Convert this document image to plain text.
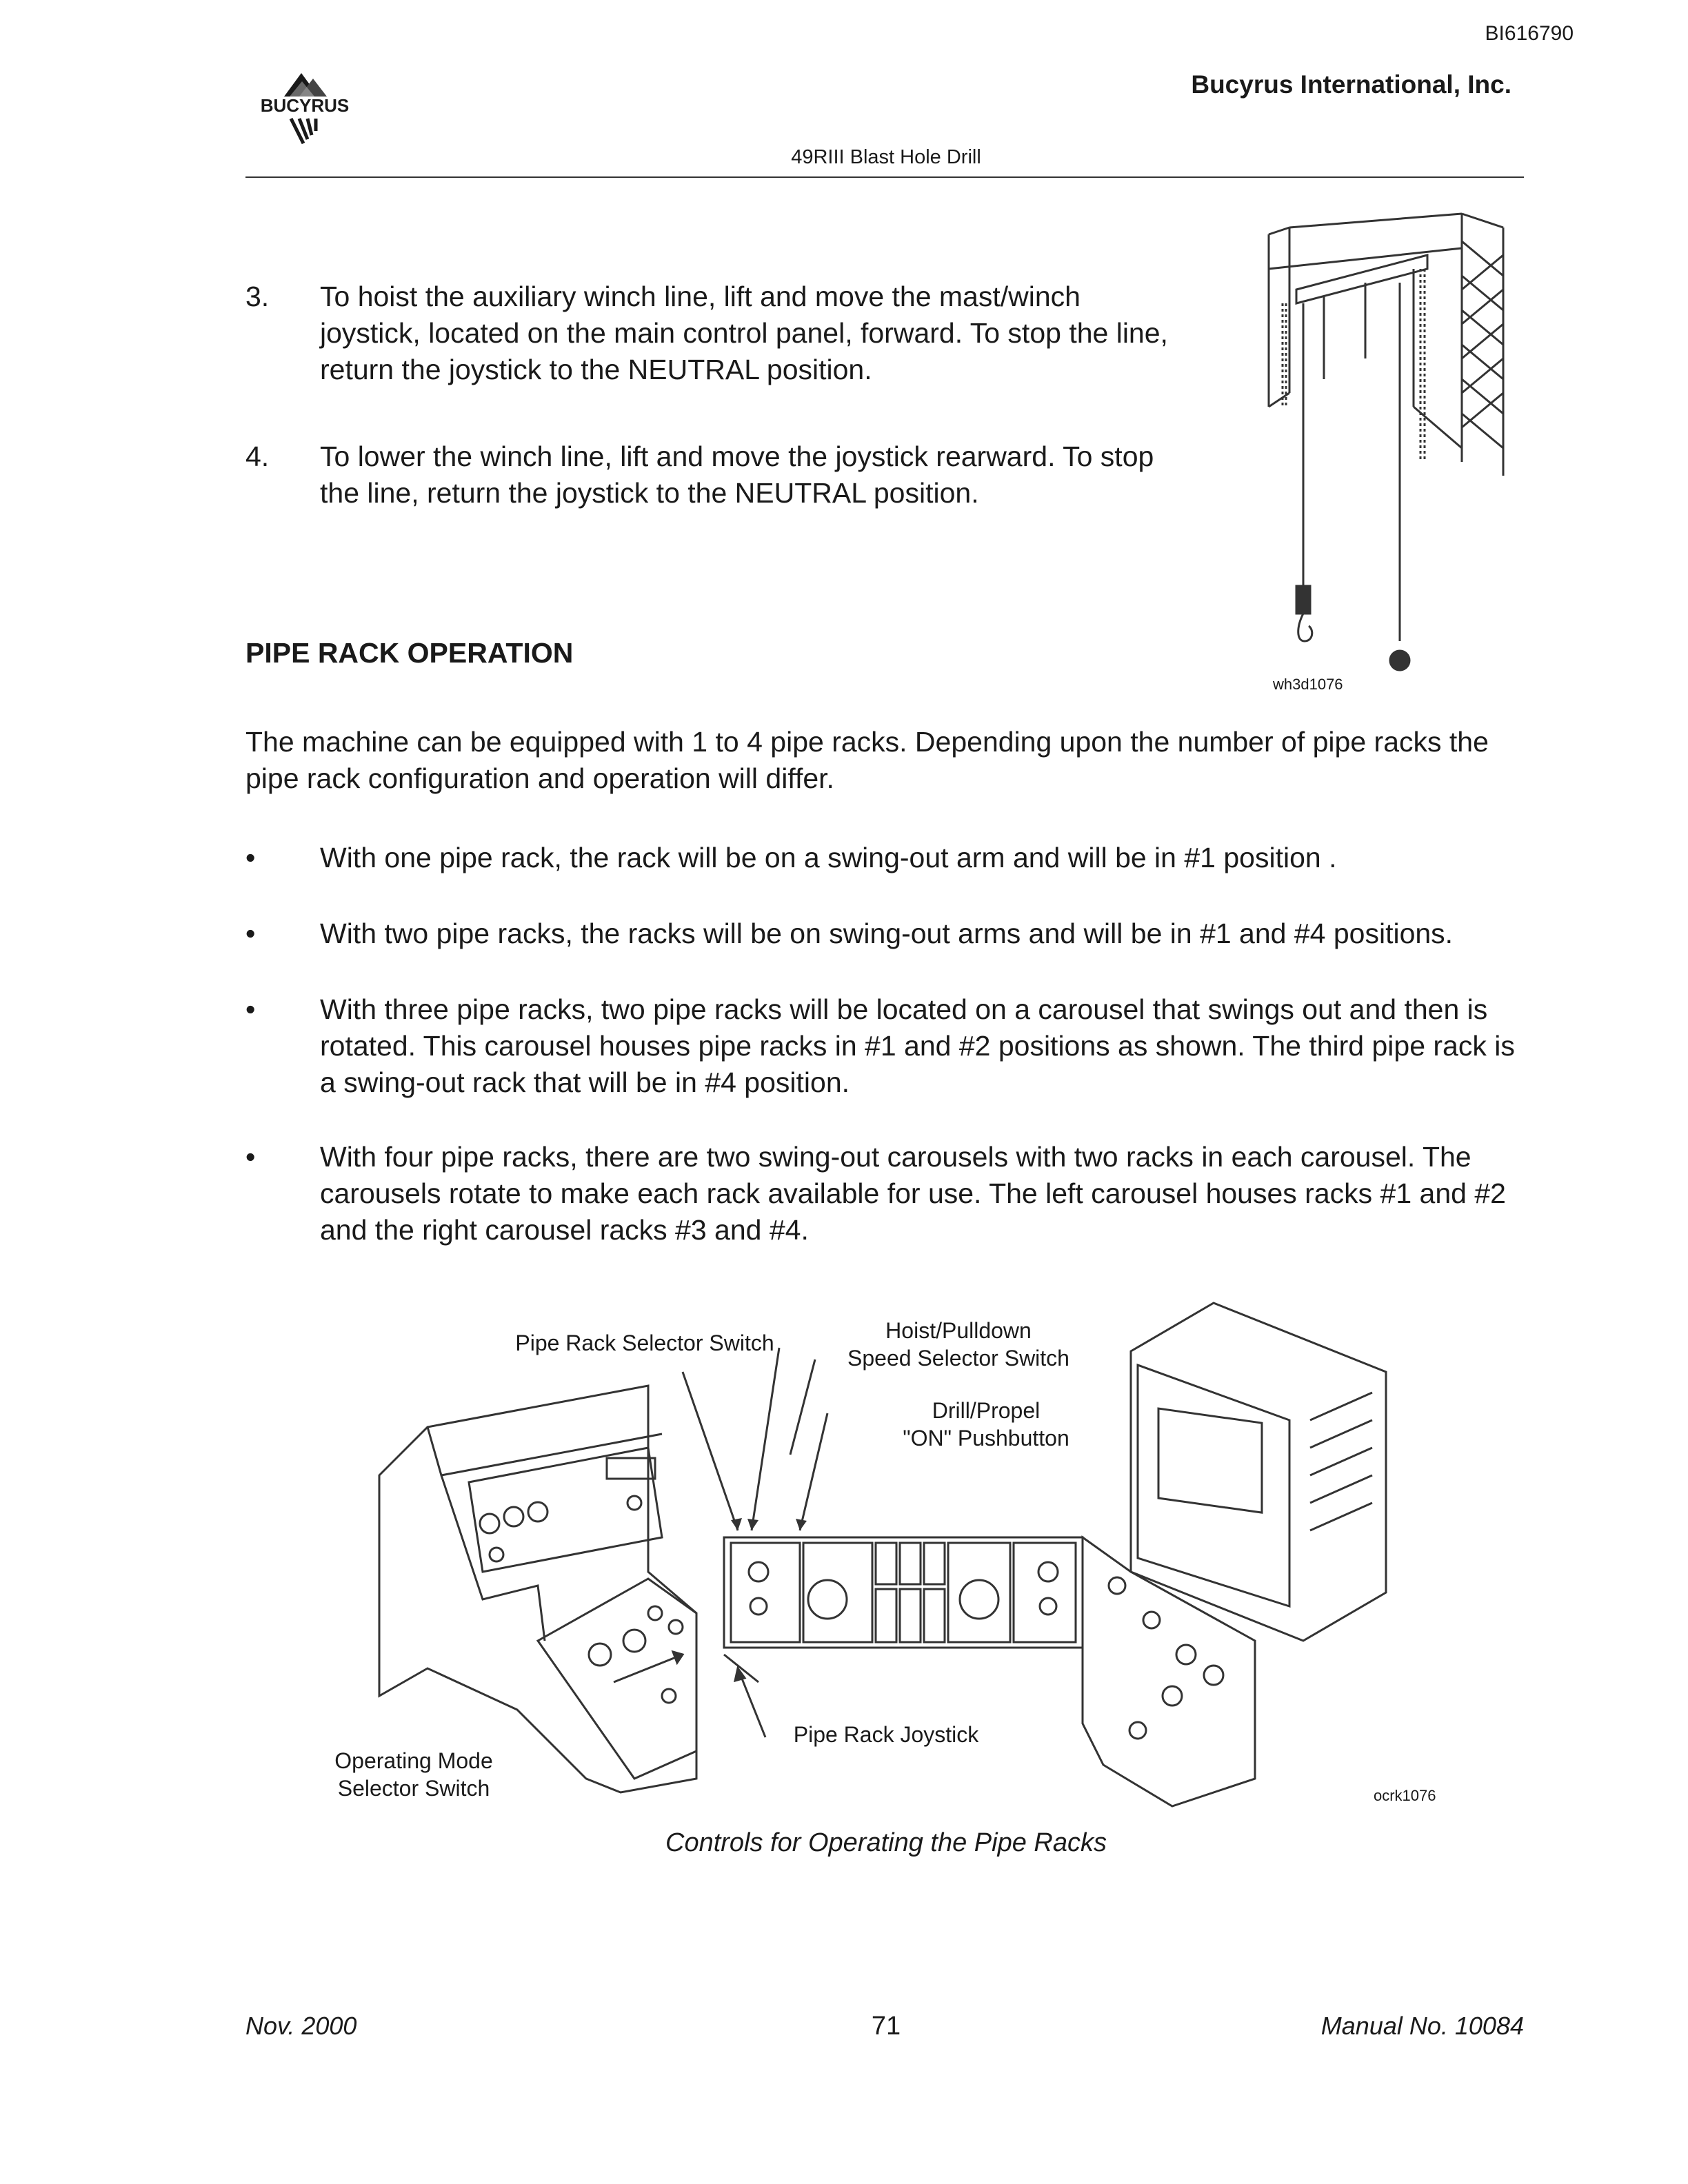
BI616790
Bucyrus International, Inc.
BUCYRUS
49RIII Blast Hole Drill
3. To hoist the auxiliary winch line, lift and move the mast/winch joystick, located on the main control panel, forward. To stop the line, return the joystick to the NEUTRAL position.
4. To lower the winch line, lift and move the joystick rearward. To stop the line, return the joystick to the NEUTRAL position.
wh3d1076
PIPE RACK OPERATION
The machine can be equipped with 1 to 4 pipe racks. Depending upon the number of pipe racks the pipe rack configuration and operation will differ.
• With one pipe rack, the rack will be on a swing-out arm and will be in #1 position .
• With two pipe racks, the racks will be on swing-out arms and will be in #1 and #4 positions.
• With three pipe racks, two pipe racks will be located on a carousel that swings out and then is rotated. This carousel houses pipe racks in #1 and #2 positions as shown. The third pipe rack is a swing-out rack that will be in #4 position.
• With four pipe racks, there are two swing-out carousels with two racks in each carousel. The carousels rotate to make each rack available for use. The left carousel houses racks #1 and #2 and the right carousel racks #3 and #4.
Pipe Rack Selector Switch	Hoist/Pulldown
Speed Selector Switch
Drill/Propel
"ON" Pushbutton
Pipe Rack Joystick
Operating Mode
Selector Switch	ocrk1076
Controls for Operating the Pipe Racks
Nov. 2000	71	Manual No. 10084
